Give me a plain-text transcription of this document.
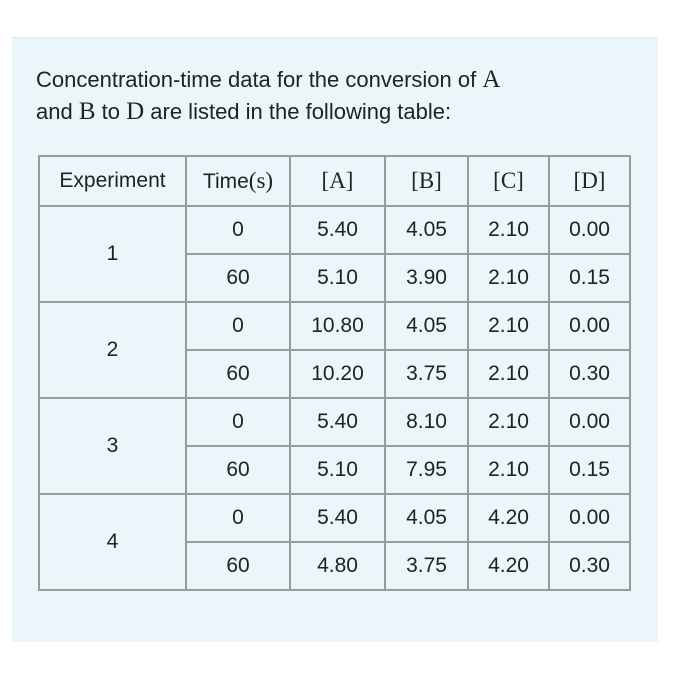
Concentration-time data for the conversion of A
and B to D are listed in the following table:
Experiment	Time(s)	[A]	[B]	[C]	[D]
1	0	5.40	4.05	2.10	0.00
	60	5.10	3.90	2.10	0.15
2	0	10.80	4.05	2.10	0.00
	60	10.20	3.75	2.10	0.30
3	0	5.40	8.10	2.10	0.00
	60	5.10	7.95	2.10	0.15
4	0	5.40	4.05	4.20	0.00
	60	4.80	3.75	4.20	0.30
